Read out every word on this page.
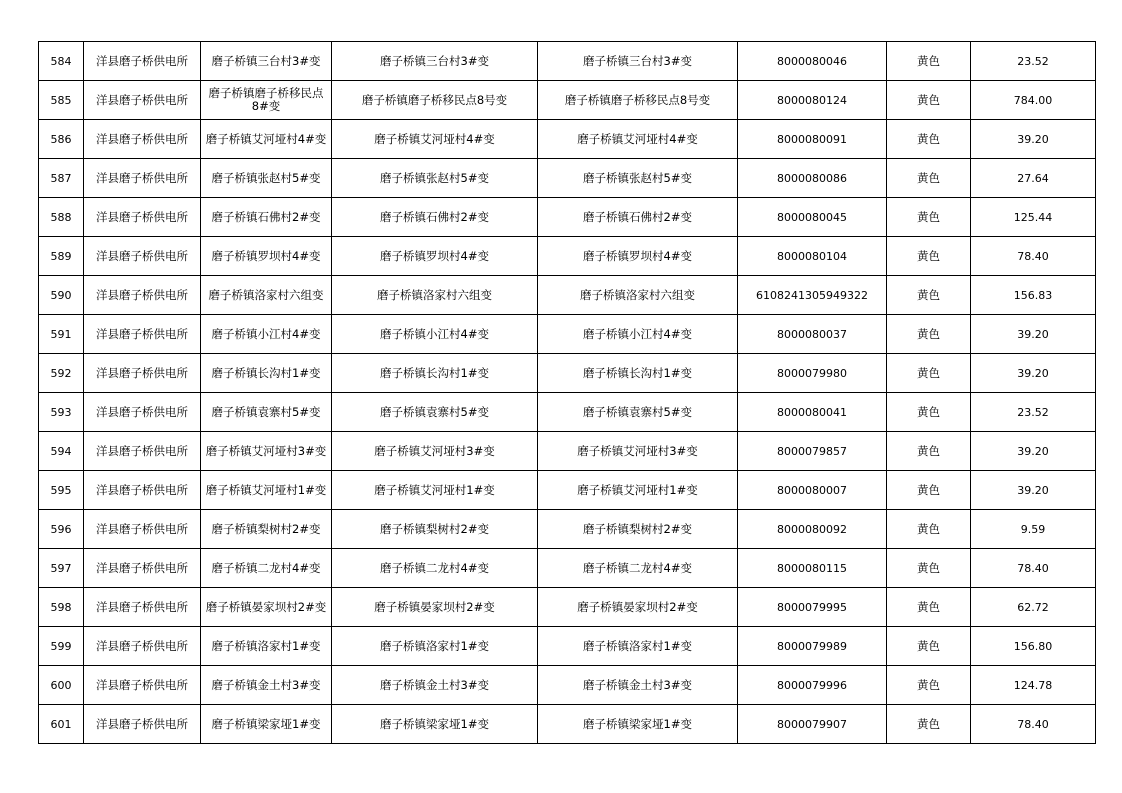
584	洋县磨子桥供电所	磨子桥镇三台村3#变	磨子桥镇三台村3#变	磨子桥镇三台村3#变	8000080046	黄色	23.52
585	洋县磨子桥供电所	磨子桥镇磨子桥移民点8#变	磨子桥镇磨子桥移民点8号变	磨子桥镇磨子桥移民点8号变	8000080124	黄色	784.00
586	洋县磨子桥供电所	磨子桥镇艾河垭村4#变	磨子桥镇艾河垭村4#变	磨子桥镇艾河垭村4#变	8000080091	黄色	39.20
587	洋县磨子桥供电所	磨子桥镇张赵村5#变	磨子桥镇张赵村5#变	磨子桥镇张赵村5#变	8000080086	黄色	27.64
588	洋县磨子桥供电所	磨子桥镇石佛村2#变	磨子桥镇石佛村2#变	磨子桥镇石佛村2#变	8000080045	黄色	125.44
589	洋县磨子桥供电所	磨子桥镇罗坝村4#变	磨子桥镇罗坝村4#变	磨子桥镇罗坝村4#变	8000080104	黄色	78.40
590	洋县磨子桥供电所	磨子桥镇洛家村六组变	磨子桥镇洛家村六组变	磨子桥镇洛家村六组变	6108241305949322	黄色	156.83
591	洋县磨子桥供电所	磨子桥镇小江村4#变	磨子桥镇小江村4#变	磨子桥镇小江村4#变	8000080037	黄色	39.20
592	洋县磨子桥供电所	磨子桥镇长沟村1#变	磨子桥镇长沟村1#变	磨子桥镇长沟村1#变	8000079980	黄色	39.20
593	洋县磨子桥供电所	磨子桥镇袁寨村5#变	磨子桥镇袁寨村5#变	磨子桥镇袁寨村5#变	8000080041	黄色	23.52
594	洋县磨子桥供电所	磨子桥镇艾河垭村3#变	磨子桥镇艾河垭村3#变	磨子桥镇艾河垭村3#变	8000079857	黄色	39.20
595	洋县磨子桥供电所	磨子桥镇艾河垭村1#变	磨子桥镇艾河垭村1#变	磨子桥镇艾河垭村1#变	8000080007	黄色	39.20
596	洋县磨子桥供电所	磨子桥镇梨树村2#变	磨子桥镇梨树村2#变	磨子桥镇梨树村2#变	8000080092	黄色	9.59
597	洋县磨子桥供电所	磨子桥镇二龙村4#变	磨子桥镇二龙村4#变	磨子桥镇二龙村4#变	8000080115	黄色	78.40
598	洋县磨子桥供电所	磨子桥镇晏家坝村2#变	磨子桥镇晏家坝村2#变	磨子桥镇晏家坝村2#变	8000079995	黄色	62.72
599	洋县磨子桥供电所	磨子桥镇洛家村1#变	磨子桥镇洛家村1#变	磨子桥镇洛家村1#变	8000079989	黄色	156.80
600	洋县磨子桥供电所	磨子桥镇金土村3#变	磨子桥镇金土村3#变	磨子桥镇金土村3#变	8000079996	黄色	124.78
601	洋县磨子桥供电所	磨子桥镇梁家垭1#变	磨子桥镇梁家垭1#变	磨子桥镇梁家垭1#变	8000079907	黄色	78.40
